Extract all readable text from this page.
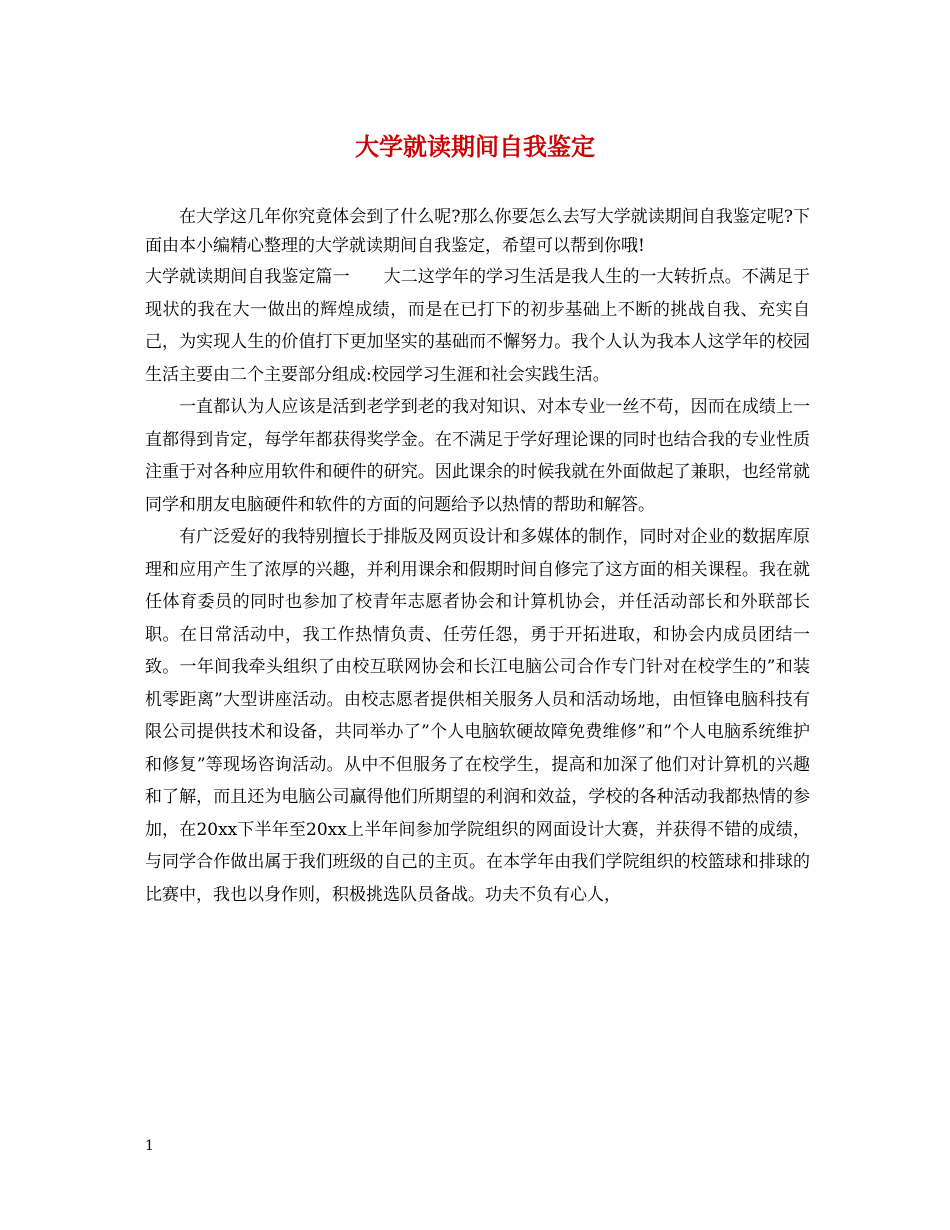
大学就读期间自我鉴定

在大学这几年你究竟体会到了什么呢?那么你要怎么去写大学就读期间自我鉴定呢?下面由本小编精心整理的大学就读期间自我鉴定，希望可以帮到你哦!

大学就读期间自我鉴定篇一 大二这学年的学习生活是我人生的一大转折点。不满足于现状的我在大一做出的辉煌成绩，而是在已打下的初步基础上不断的挑战自我、充实自己，为实现人生的价值打下更加坚实的基础而不懈努力。我个人认为我本人这学年的校园生活主要由二个主要部分组成:校园学习生涯和社会实践生活。

一直都认为人应该是活到老学到老的我对知识、对本专业一丝不苟，因而在成绩上一直都得到肯定，每学年都获得奖学金。在不满足于学好理论课的同时也结合我的专业性质注重于对各种应用软件和硬件的研究。因此课余的时候我就在外面做起了兼职，也经常就同学和朋友电脑硬件和软件的方面的问题给予以热情的帮助和解答。

有广泛爱好的我特别擅长于排版及网页设计和多媒体的制作，同时对企业的数据库原理和应用产生了浓厚的兴趣，并利用课余和假期时间自修完了这方面的相关课程。我在就任体育委员的同时也参加了校青年志愿者协会和计算机协会，并任活动部长和外联部长职。在日常活动中，我工作热情负责、任劳任怨，勇于开拓进取，和协会内成员团结一致。一年间我牵头组织了由校互联网协会和长江电脑公司合作专门针对在校学生的”和装机零距离”大型讲座活动。由校志愿者提供相关服务人员和活动场地，由恒锋电脑科技有限公司提供技术和设备，共同举办了”个人电脑软硬故障免费维修”和”个人电脑系统维护和修复”等现场咨询活动。从中不但服务了在校学生，提高和加深了他们对计算机的兴趣和了解，而且还为电脑公司赢得他们所期望的利润和效益，学校的各种活动我都热情的参加，在20xx下半年至20xx上半年间参加学院组织的网面设计大赛，并获得不错的成绩，与同学合作做出属于我们班级的自己的主页。在本学年由我们学院组织的校篮球和排球的比赛中，我也以身作则，积极挑选队员备战。功夫不负有心人，

1
